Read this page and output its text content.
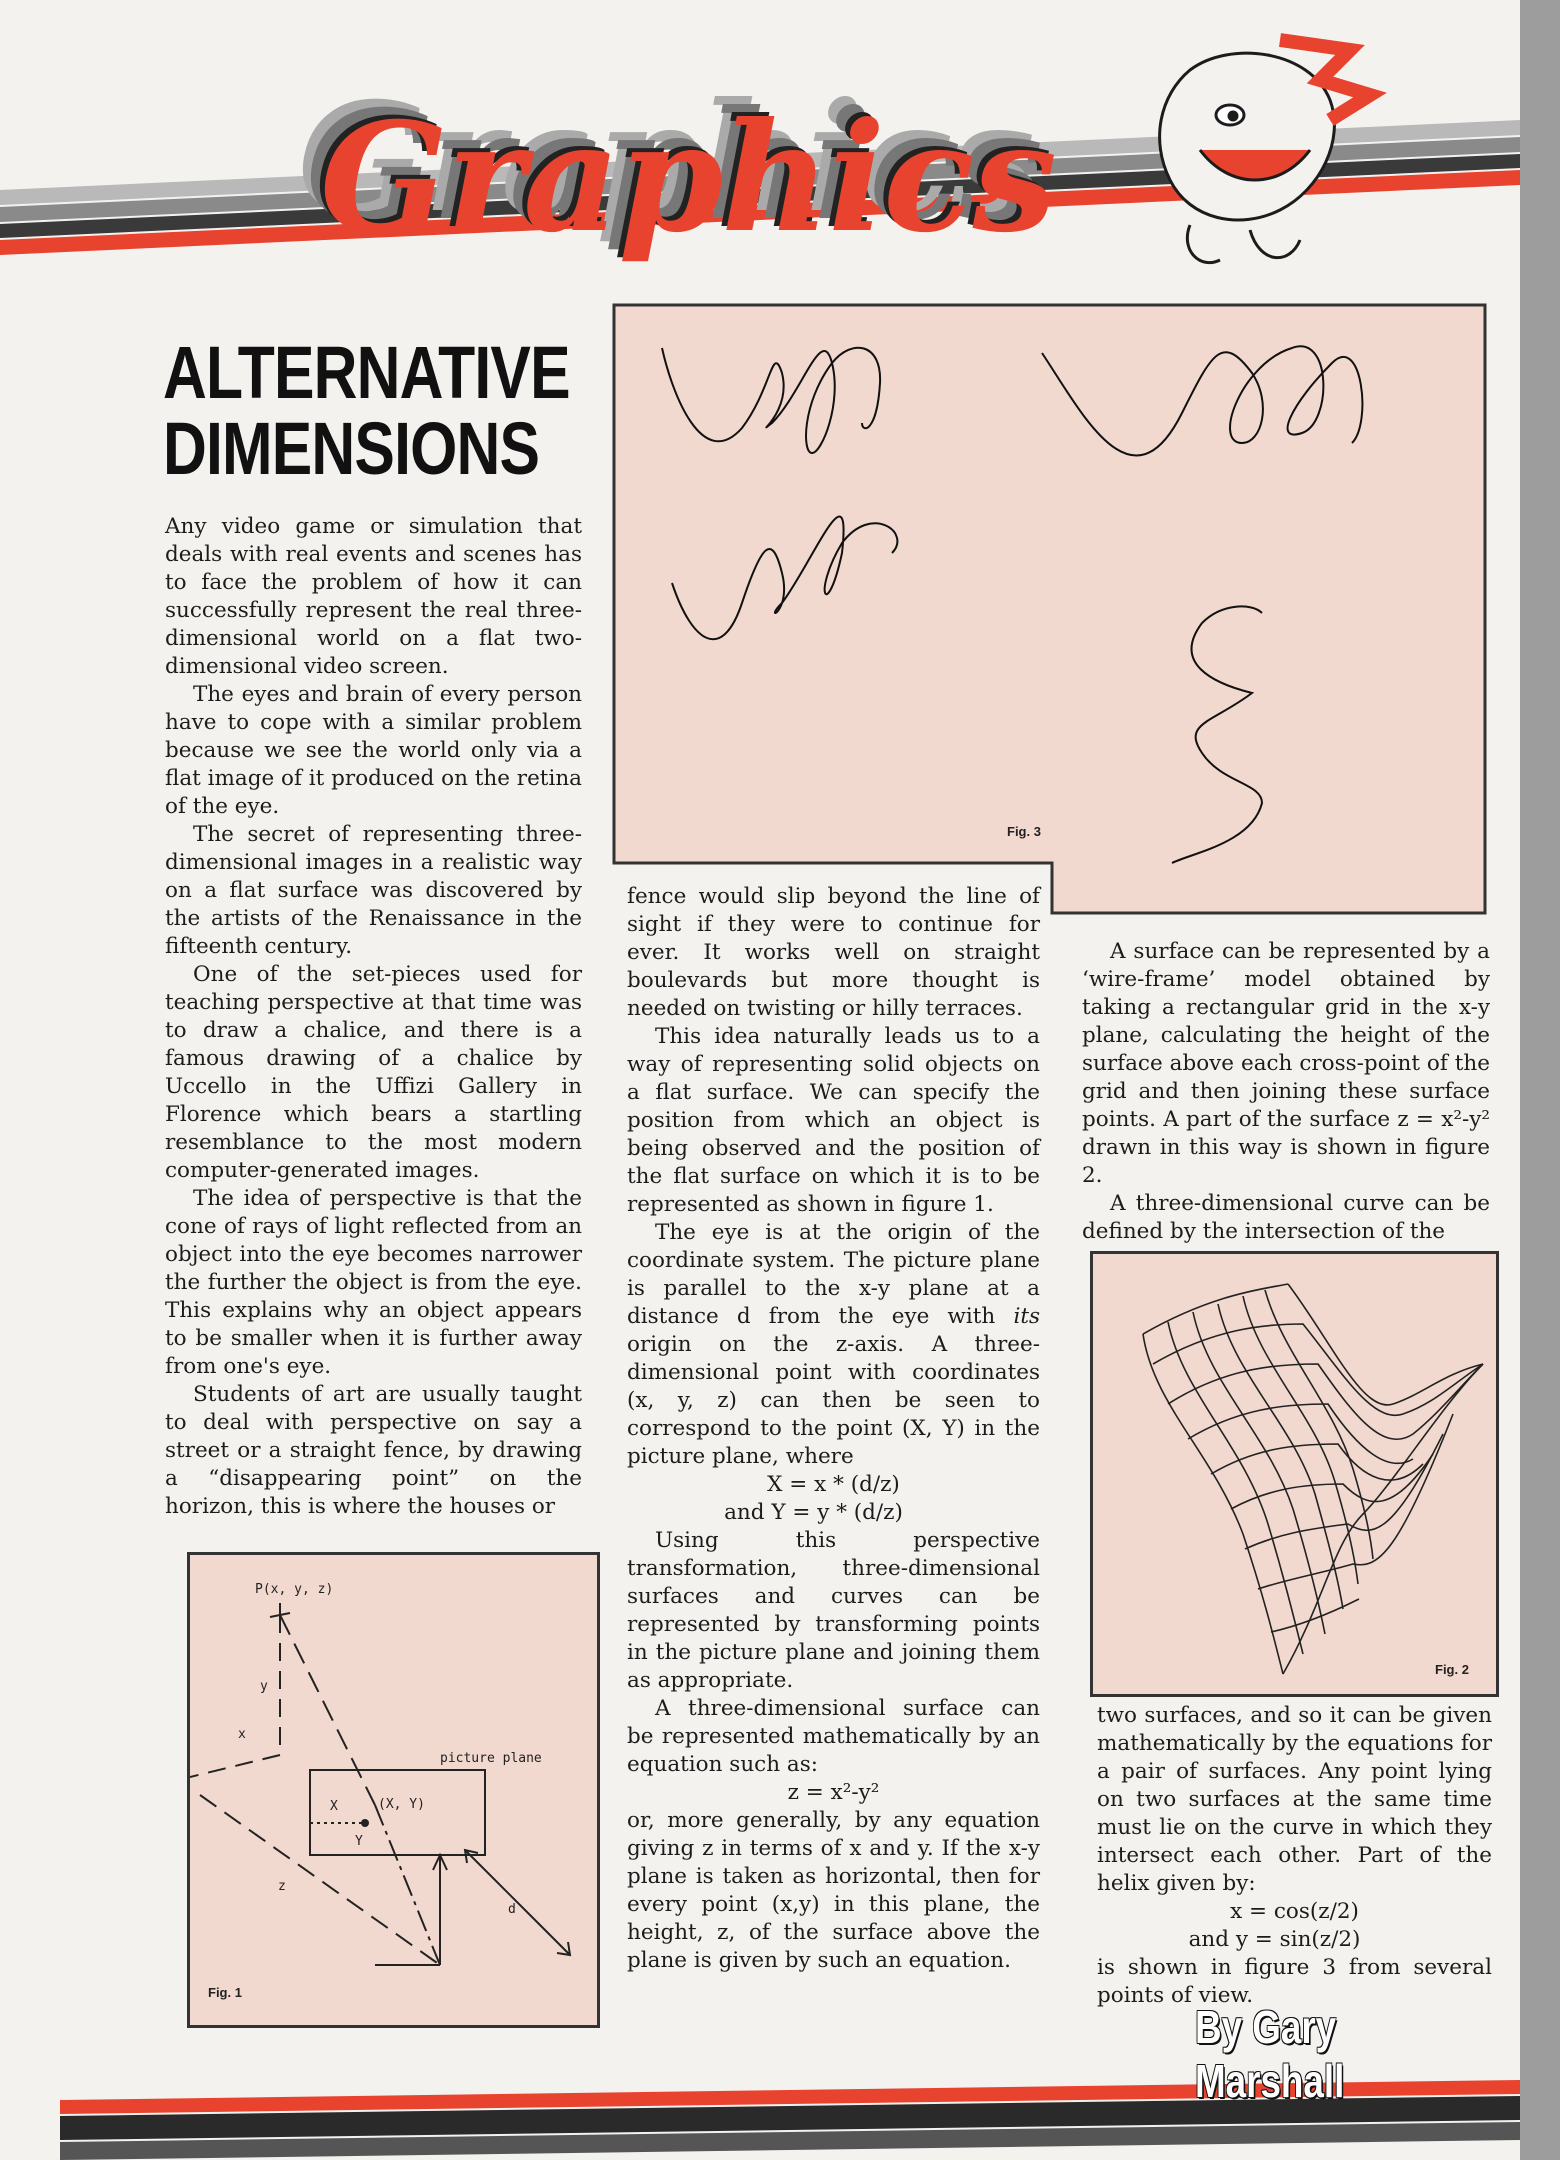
Graphics
ALTERNATIVE DIMENSIONS

Any video game or simulation that deals with real events and scenes has to face the problem of how it can successfully represent the real three-dimensional world on a flat two-dimensional video screen.

The eyes and brain of every person have to cope with a similar problem because we see the world only via a flat image of it produced on the retina of the eye.

The secret of representing three-dimensional images in a realistic way on a flat surface was discovered by the artists of the Renaissance in the fifteenth century.

One of the set-pieces used for teaching perspective at that time was to draw a chalice, and there is a famous drawing of a chalice by Uccello in the Uffizi Gallery in Florence which bears a startling resemblance to the most modern computer-generated images.

The idea of perspective is that the cone of rays of light reflected from an object into the eye becomes narrower the further the object is from the eye. This explains why an object appears to be smaller when it is further away from one's eye.

Students of art are usually taught to deal with perspective on say a street or a straight fence, by drawing a “disappearing point” on the horizon, this is where the houses or

P(x, y, z)
y
x
picture plane
X	(X, Y)
Y
z
d
Fig. 1
Fig. 3

fence would slip beyond the line of sight if they were to continue for ever. It works well on straight boulevards but more thought is needed on twisting or hilly terraces.

This idea naturally leads us to a way of representing solid objects on a flat surface. We can specify the position from which an object is being observed and the position of the flat surface on which it is to be represented as shown in figure 1.

The eye is at the origin of the coordinate system. The picture plane is parallel to the x-y plane at a distance d from the eye with its origin on the z-axis. A three-dimensional point with coordinates (x, y, z) can then be seen to correspond to the point (X, Y) in the picture plane, where

X = x * (d/z)

and Y = y * (d/z)

Using this perspective transformation, three-dimensional surfaces and curves can be represented by transforming points in the picture plane and joining them as appropriate.

A three-dimensional surface can be represented mathematically by an equation such as:

z = x²-y²

or, more generally, by any equation giving z in terms of x and y. If the x-y plane is taken as horizontal, then for every point (x,y) in this plane, the height, z, of the surface above the plane is given by such an equation.

A surface can be represented by a ‘wire-frame’ model obtained by taking a rectangular grid in the x-y plane, calculating the height of the surface above each cross-point of the grid and then joining these surface points. A part of the surface z = x²-y² drawn in this way is shown in figure 2.

A three-dimensional curve can be defined by the intersection of the

Fig. 2

two surfaces, and so it can be given mathematically by the equations for a pair of surfaces. Any point lying on two surfaces at the same time must lie on the curve in which they intersect each other. Part of the helix given by:

x = cos(z/2)

and y = sin(z/2)

is shown in figure 3 from several points of view.

By Gary Marshall
